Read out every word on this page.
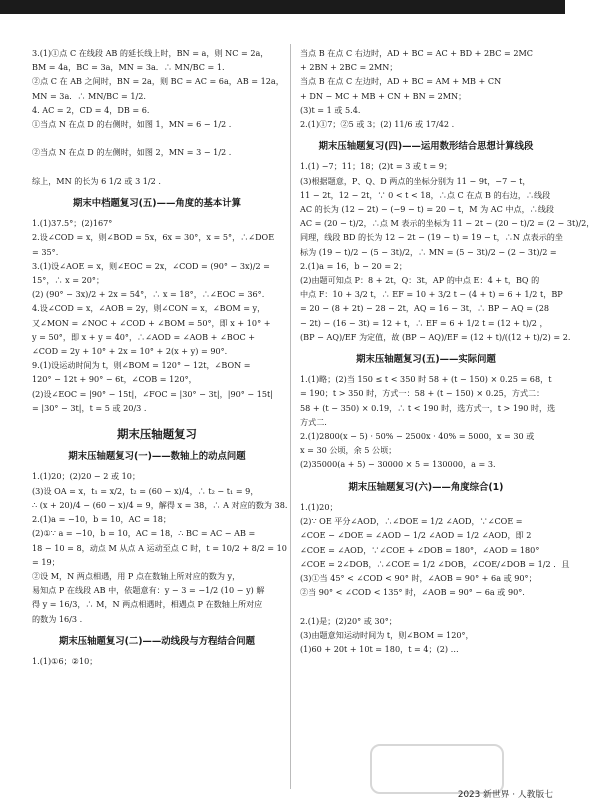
3.(1)①点 C 在线段 AB 的延长线上时，BN = a，则 NC = 2a，
BM = 4a，BC = 3a，MN = 3a．∴ MN/BC = 1.
②点 C 在 AB 之间时，BN = 2a，则 BC = AC = 6a，AB = 12a，
MN = 3a．∴ MN/BC = 1/2.
4. AC = 2，CD = 4，DB = 6.
①当点 N 在点 D 的右侧时，如图 1，MN = 6 − 1/2 .

②当点 N 在点 D 的左侧时，如图 2，MN = 3 − 1/2 .

综上，MN 的长为 6 1/2 或 3 1/2 .
期末中档题复习(五)——角度的基本计算
1.(1)37.5°；(2)167°
2.设∠COD = x，则∠BOD = 5x，6x = 30°，x = 5°，∴∠DOE
= 35°.
3.(1)设∠AOE = x，则∠EOC = 2x，∠COD = (90° − 3x)/2 =
15°，∴ x = 20°；
(2) (90° − 3x)/2 + 2x = 54°，∴ x = 18°，∴∠EOC = 36°.
4.设∠COD = x，∠AOB = 2y，则∠CON = x，∠BOM = y，
又∠MON = ∠NOC + ∠COD + ∠BOM = 50°，即 x + 10° +
y = 50°，即 x + y = 40°，∴∠AOD = ∠AOB + ∠BOC +
∠COD = 2y + 10° + 2x = 10° + 2(x + y) = 90°.
9.(1)设运动时间为 t，则∠BOM = 120° − 12t，∠BON =
120° − 12t + 90° − 6t，∠COB = 120°，
(2)设∠EOC = |90° − 15t|，∠FOC = |30° − 3t|，|90° − 15t|
= |30° − 3t|，t = 5 或 20/3 .
期末压轴题复习
期末压轴题复习(一)——数轴上的动点问题
1.(1)20；(2)20 − 2 或 10；
(3)设 OA = x，t₁ = x/2，t₂ = (60 − x)/4，∴ t₂ − t₁ = 9，
∴ (x + 20)/4 − (60 − x)/4 = 9，解得 x = 38，∴ A 对应的数为 38.
2.(1)a = −10，b = 10，AC = 18；
(2)①∵ a = −10，b = 10，AC = 18，∴ BC = AC − AB =
18 − 10 = 8，动点 M 从点 A 运动至点 C 时，t = 10/2 + 8/2 = 10
= 19；
②设 M，N 两点相遇，用 P 点在数轴上所对应的数为 y，
易知点 P 在线段 AB 中，依题意有：y − 3 = −1/2 (10 − y) 解
得 y = 16/3，∴ M，N 两点相遇时，相遇点 P 在数轴上所对应
的数为 16/3 .
期末压轴题复习(二)——动线段与方程结合问题
1.(1)①6；②10；
当点 B 在点 C 右边时，AD + BC = AC + BD + 2BC = 2MC
+ 2BN + 2BC = 2MN；
当点 B 在点 C 左边时，AD + BC = AM + MB + CN
+ DN − MC + MB + CN + BN = 2MN；
(3)t = 1 或 5.4.
2.(1)①7；②5 或 3；(2) 11/6 或 17/42 .
期末压轴题复习(四)——运用数形结合思想计算线段
1.(1) −7；11；18；(2)t = 3 或 t = 9；
(3)根据题意，P、Q、D 两点的坐标分别为 11 − 9t，−7 − t，
11 − 2t，12 − 2t，∵ 0 < t < 18，∴点 C 在点 B 的右边，∴线段
AC 的长为 (12 − 2t) − (−9 − t) = 20 − t，M 为 AC 中点，∴线段
AC = (20 − t)/2，∴点 M 表示的坐标为 11 − 2t − (20 − t)/2 = (2 − 3t)/2，
同理，线段 BD 的长为 12 − 2t − (19 − t) = 19 − t，∴N 点表示的坐
标为 (19 − t)/2 − (5 − 3t)/2，∴ MN = (5 − 3t)/2 − (2 − 3t)/2 =
2.(1)a = 16，b − 20 = 2；
(2)由题可知点 P：8 + 2t，Q：3t，AP 的中点 E：4 + t，BQ 的
中点 F：10 + 3/2 t，∴ EF = 10 + 3/2 t − (4 + t) = 6 + 1/2 t，BP
= 20 − (8 + 2t) − 28 − 2t，AQ = 16 − 3t，∴ BP − AQ = (28
− 2t) − (16 − 3t) = 12 + t，∴ EF = 6 + 1/2 t = (12 + t)/2 ，
(BP − AQ)/EF 为定值，故 (BP − AQ)/EF = (12 + t)/((12 + t)/2) = 2.
期末压轴题复习(五)——实际问题
1.(1)略；(2)当 150 ≤ t < 350 时 58 + (t − 150) × 0.25 = 68，t
= 190；t > 350 时，方式一：58 + (t − 150) × 0.25，方式二：
58 + (t − 350) × 0.19，∴ t < 190 时，选方式一，t > 190 时，选
方式二.
2.(1)2800(x − 5) · 50% − 2500x · 40% = 5000，x = 30 或
x = 30 公顷，余 5 公顷；
(2)35000(a + 5) − 30000 × 5 = 130000，a = 3.
期末压轴题复习(六)——角度综合(1)
1.(1)20；
(2)∵ OE 平分∠AOD，∴∠DOE = 1/2 ∠AOD，∵∠COE =
∠COE − ∠DOE = ∠AOD − 1/2 ∠AOD = 1/2 ∠AOD，即 2
∠COE = ∠AOD，∵∠COE + ∠DOB = 180°，∠AOD = 180°
∠COE = 2∠DOB，∴∠COE = 1/2 ∠DOB，∠COE/∠DOB = 1/2 ．且
(3)①当 45° < ∠COD < 90° 时，∠AOB = 90° + 6a 或 90°；
②当 90° < ∠COD < 135° 时，∠AOB = 90° − 6a 或 90°.

2.(1)是；(2)20° 或 30°；
(3)由题意知运动时间为 t，则∠BOM = 120°，
(1)60 + 20t + 10t = 180，t = 4；(2) …
2023 新世界 · 人教版七
